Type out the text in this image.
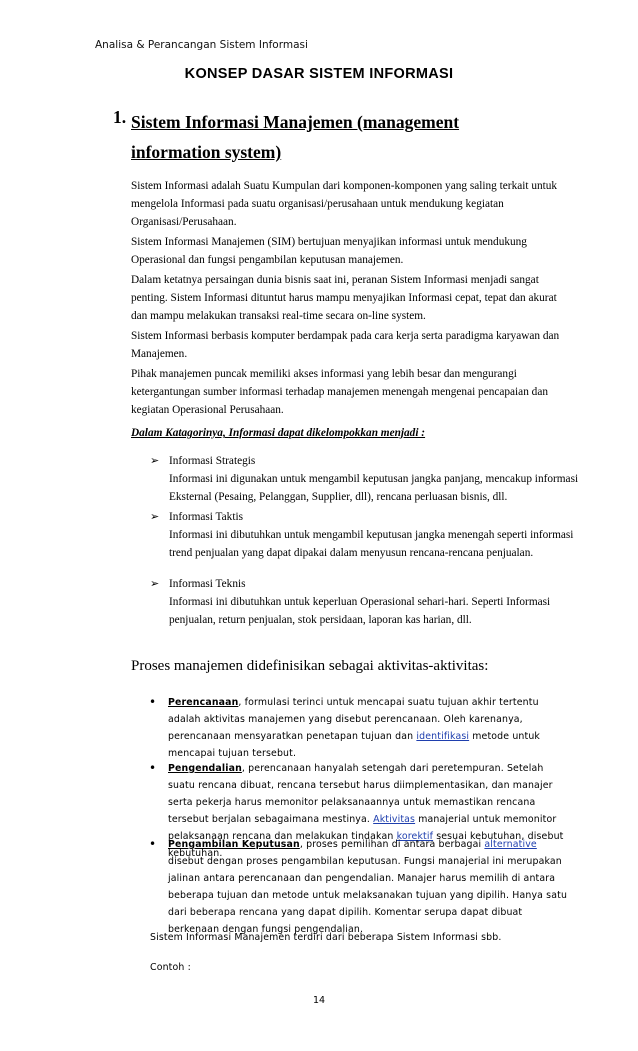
Analisa & Perancangan Sistem Informasi
KONSEP DASAR SISTEM INFORMASI
1. Sistem Informasi Manajemen (management information system)
Sistem Informasi adalah Suatu Kumpulan dari komponen-komponen yang saling terkait untuk mengelola Informasi pada suatu organisasi/perusahaan untuk mendukung kegiatan Organisasi/Perusahaan.
Sistem Informasi Manajemen (SIM) bertujuan menyajikan informasi untuk mendukung Operasional dan fungsi pengambilan keputusan manajemen.
Dalam ketatnya persaingan dunia bisnis saat ini, peranan Sistem Informasi menjadi sangat penting. Sistem Informasi dituntut harus mampu menyajikan Informasi cepat, tepat dan akurat dan mampu melakukan transaksi real-time secara on-line system.
Sistem Informasi berbasis komputer berdampak pada cara kerja serta paradigma karyawan dan Manajemen.
Pihak manajemen puncak memiliki akses informasi yang lebih besar dan mengurangi ketergantungan sumber informasi terhadap manajemen menengah mengenai pencapaian dan kegiatan Operasional Perusahaan.
Dalam Katagorinya, Informasi dapat dikelompokkan menjadi :
➢ Informasi Strategis
Informasi ini digunakan untuk mengambil keputusan jangka panjang, mencakup informasi Eksternal (Pesaing, Pelanggan, Supplier, dll), rencana perluasan bisnis, dll.
➢ Informasi Taktis
Informasi ini dibutuhkan untuk mengambil keputusan jangka menengah seperti informasi trend penjualan yang dapat dipakai dalam menyusun rencana-rencana penjualan.
➢ Informasi Teknis
Informasi ini dibutuhkan untuk keperluan Operasional sehari-hari. Seperti Informasi penjualan, return penjualan, stok persidaan, laporan kas harian, dll.
Proses manajemen didefinisikan sebagai aktivitas-aktivitas:
• Perencanaan, formulasi terinci untuk mencapai suatu tujuan akhir tertentu adalah aktivitas manajemen yang disebut perencanaan. Oleh karenanya, perencanaan mensyaratkan penetapan tujuan dan identifikasi metode untuk mencapai tujuan tersebut.
• Pengendalian, perencanaan hanyalah setengah dari peretempuran. Setelah suatu rencana dibuat, rencana tersebut harus diimplementasikan, dan manajer serta pekerja harus memonitor pelaksanaannya untuk memastikan rencana tersebut berjalan sebagaimana mestinya. Aktivitas manajerial untuk memonitor pelaksanaan rencana dan melakukan tindakan korektif sesuai kebutuhan, disebut kebutuhan.
• Pengambilan Keputusan, proses pemilihan di antara berbagai alternative disebut dengan proses pengambilan keputusan. Fungsi manajerial ini merupakan jalinan antara perencanaan dan pengendalian. Manajer harus memilih di antara beberapa tujuan dan metode untuk melaksanakan tujuan yang dipilih. Hanya satu dari beberapa rencana yang dapat dipilih. Komentar serupa dapat dibuat berkenaan dengan fungsi pengendalian.
Sistem Informasi Manajemen terdiri dari beberapa Sistem Informasi sbb.
Contoh :
14
